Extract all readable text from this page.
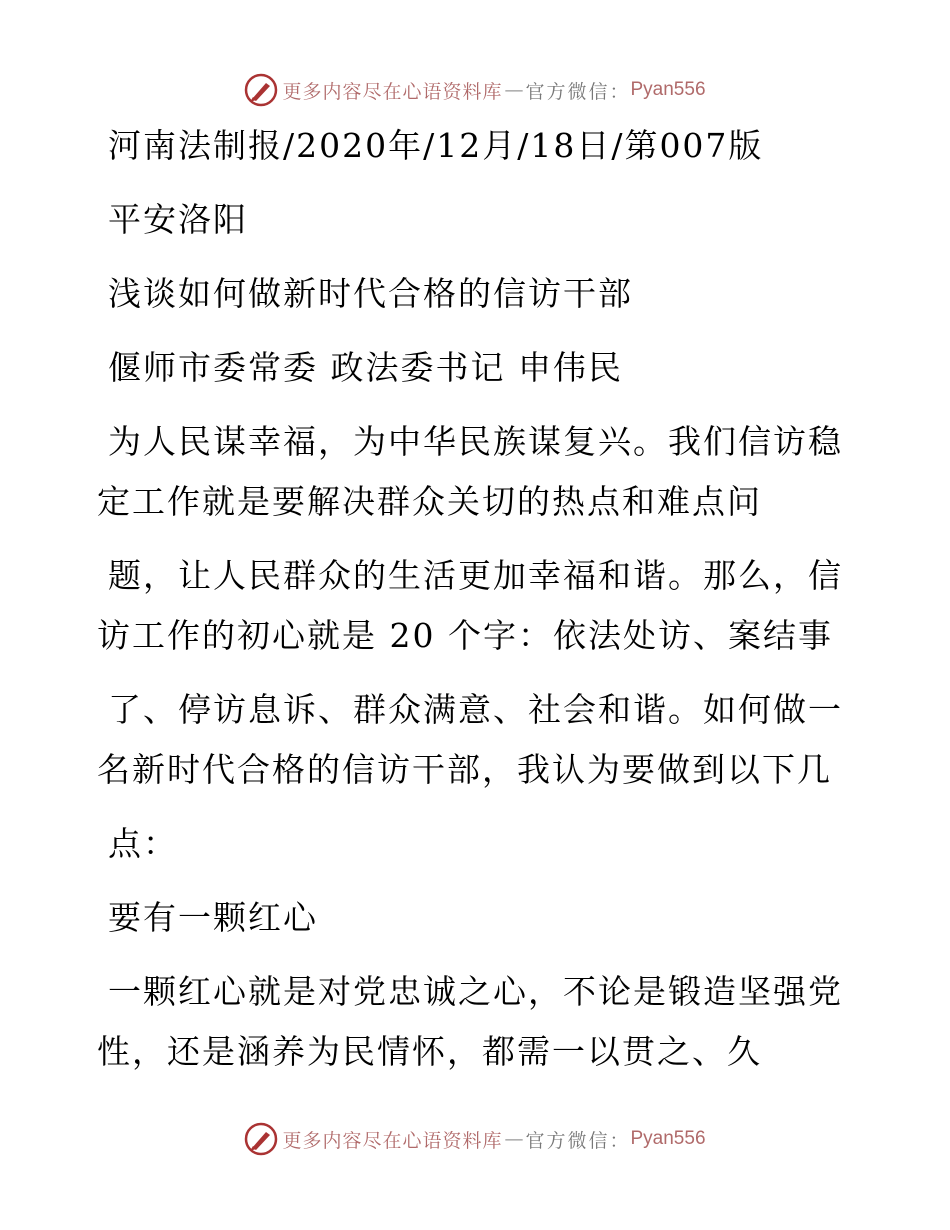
更多内容尽在心语资料库 — 官方微信： Pyan556
河南法制报/2020年/12月/18日/第007版
平安洛阳
浅谈如何做新时代合格的信访干部
偃师市委常委 政法委书记 申伟民
为人民谋幸福，为中华民族谋复兴。我们信访稳
定工作就是要解决群众关切的热点和难点问
题，让人民群众的生活更加幸福和谐。那么，信
访工作的初心就是 20 个字：依法处访、案结事
了、停访息诉、群众满意、社会和谐。如何做一
名新时代合格的信访干部，我认为要做到以下几
点：
要有一颗红心
一颗红心就是对党忠诚之心，不论是锻造坚强党
性，还是涵养为民情怀，都需一以贯之、久
更多内容尽在心语资料库 — 官方微信： Pyan556
